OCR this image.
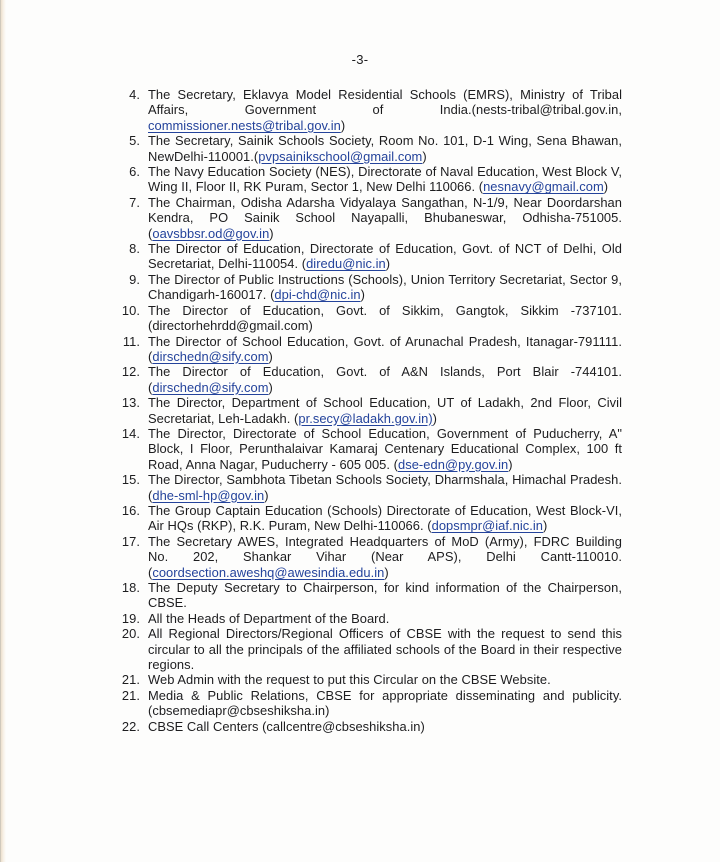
-3-
4. The Secretary, Eklavya Model Residential Schools (EMRS), Ministry of Tribal Affairs, Government of India.(nests-tribal@tribal.gov.in, commissioner.nests@tribal.gov.in)
5. The Secretary, Sainik Schools Society, Room No. 101, D-1 Wing, Sena Bhawan, NewDelhi-110001.(pvpsainikschool@gmail.com)
6. The Navy Education Society (NES), Directorate of Naval Education, West Block V, Wing II, Floor II, RK Puram, Sector 1, New Delhi 110066. (nesnavy@gmail.com)
7. The Chairman, Odisha Adarsha Vidyalaya Sangathan, N-1/9, Near Doordarshan Kendra, PO Sainik School Nayapalli, Bhubaneswar, Odhisha-751005. (oavsbbsr.od@gov.in)
8. The Director of Education, Directorate of Education, Govt. of NCT of Delhi, Old Secretariat, Delhi-110054. (diredu@nic.in)
9. The Director of Public Instructions (Schools), Union Territory Secretariat, Sector 9, Chandigarh-160017. (dpi-chd@nic.in)
10. The Director of Education, Govt. of Sikkim, Gangtok, Sikkim -737101. (directorhehrdd@gmail.com)
11. The Director of School Education, Govt. of Arunachal Pradesh, Itanagar-791111. (dirschedn@sify.com)
12. The Director of Education, Govt. of A&N Islands, Port Blair -744101. (dirschedn@sify.com)
13. The Director, Department of School Education, UT of Ladakh, 2nd Floor, Civil Secretariat, Leh-Ladakh. (pr.secy@ladakh.gov.in))
14. The Director, Directorate of School Education, Government of Puducherry, A" Block, I Floor, Perunthalaivar Kamaraj Centenary Educational Complex, 100 ft Road, Anna Nagar, Puducherry - 605 005. (dse-edn@py.gov.in)
15. The Director, Sambhota Tibetan Schools Society, Dharmshala, Himachal Pradesh. (dhe-sml-hp@gov.in)
16. The Group Captain Education (Schools) Directorate of Education, West Block-VI, Air HQs (RKP), R.K. Puram, New Delhi-110066. (dopsmpr@iaf.nic.in)
17. The Secretary AWES, Integrated Headquarters of MoD (Army), FDRC Building No. 202, Shankar Vihar (Near APS), Delhi Cantt-110010. (coordsection.aweshq@awesindia.edu.in)
18. The Deputy Secretary to Chairperson, for kind information of the Chairperson, CBSE.
19. All the Heads of Department of the Board.
20. All Regional Directors/Regional Officers of CBSE with the request to send this circular to all the principals of the affiliated schools of the Board in their respective regions.
21. Web Admin with the request to put this Circular on the CBSE Website.
21. Media & Public Relations, CBSE for appropriate disseminating and publicity. (cbsemediapr@cbseshiksha.in)
22. CBSE Call Centers (callcentre@cbseshiksha.in)
